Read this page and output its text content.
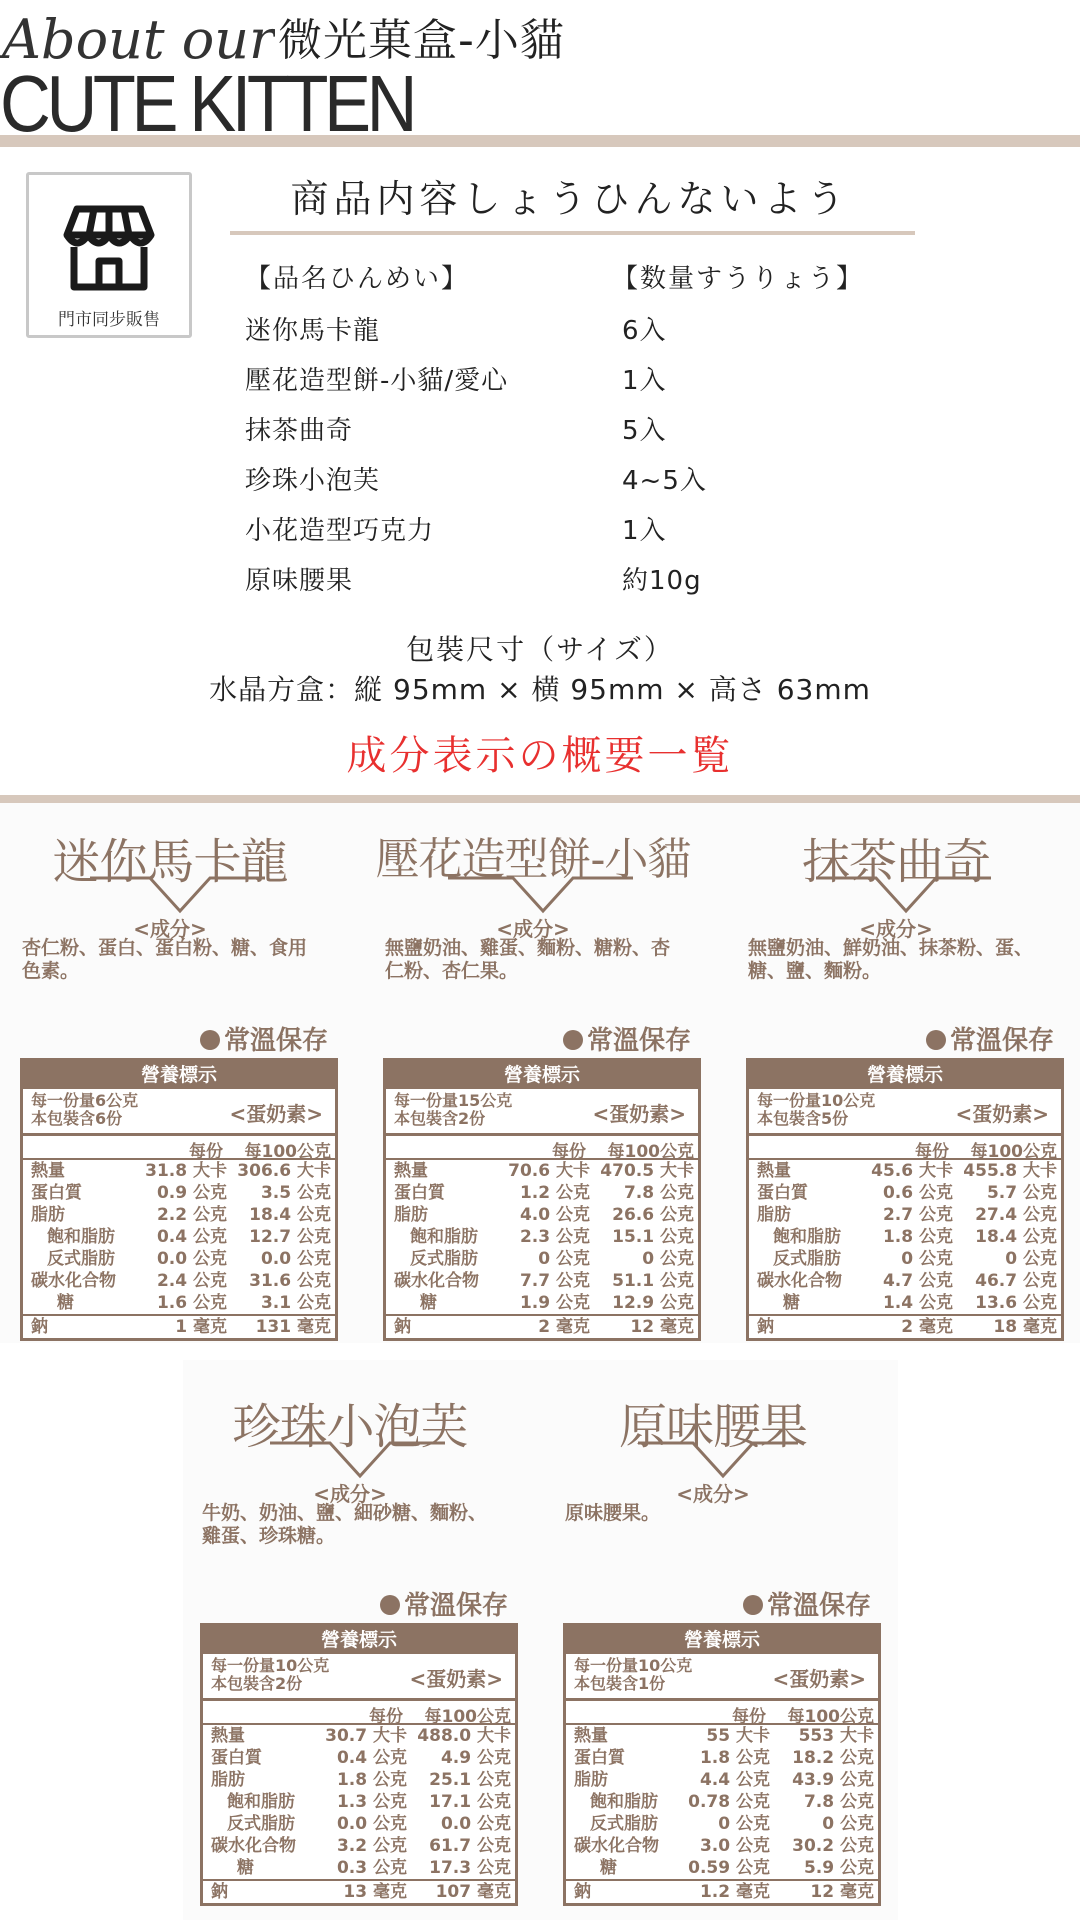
About our 微光菓盒-小貓
CUTE KITTEN
門市同步販售
商品内容しょうひんないよう
【品名ひんめい】	【数量すうりょう】
迷你馬卡龍	6入
壓花造型餅-小貓/愛心	1入
抹茶曲奇	5入
珍珠小泡芙	4~5入
小花造型巧克力	1入
原味腰果	約10g
包裝尺寸（サイズ）
水晶方盒：縦 95mm × 横 95mm × 高さ 63mm
成分表示の概要一覧
迷你馬卡龍
<成分>
杏仁粉、蛋白、蛋白粉、糖、食用色素。
常溫保存
營養標示
每一份量6公克
本包裝含6份	<蛋奶素>
每份 每100公克
熱量	31.8 大卡 306.6 大卡
蛋白質	0.9 公克 3.5 公克
脂肪	2.2 公克 18.4 公克
飽和脂肪 0.4 公克 12.7 公克
反式脂肪 0.0 公克 0.0 公克
碳水化合物 2.4 公克 31.6 公克
糖	1.6 公克 3.1 公克
鈉	1 毫克 131 毫克
壓花造型餅-小貓
<成分>
無鹽奶油、雞蛋、麵粉、糖粉、杏仁粉、杏仁果。
常溫保存
營養標示
每一份量15公克
本包裝含2份	<蛋奶素>
每份 每100公克
熱量	70.6 大卡 470.5 大卡
蛋白質	1.2 公克 7.8 公克
脂肪	4.0 公克 26.6 公克
飽和脂肪 2.3 公克 15.1 公克
反式脂肪	0 公克	0 公克
碳水化合物 7.7 公克 51.1 公克
糖	1.9 公克 12.9 公克
鈉	2 毫克 12 毫克
抹茶曲奇
<成分>
無鹽奶油、鮮奶油、抹茶粉、蛋、糖、鹽、麵粉。
常溫保存
營養標示
每一份量10公克
本包裝含5份	<蛋奶素>
每份 每100公克
熱量	45.6 大卡 455.8 大卡
蛋白質	0.6 公克 5.7 公克
脂肪	2.7 公克 27.4 公克
飽和脂肪 1.8 公克 18.4 公克
反式脂肪	0 公克	0 公克
碳水化合物 4.7 公克 46.7 公克
糖	1.4 公克 13.6 公克
鈉	2 毫克 18 毫克
珍珠小泡芙
<成分>
牛奶、奶油、鹽、細砂糖、麵粉、雞蛋、珍珠糖。
常溫保存
營養標示
每一份量10公克
本包裝含2份	<蛋奶素>
每份 每100公克
熱量	30.7 大卡 488.0 大卡
蛋白質	0.4 公克 4.9 公克
脂肪	1.8 公克 25.1 公克
飽和脂肪 1.3 公克 17.1 公克
反式脂肪 0.0 公克 0.0 公克
碳水化合物 3.2 公克 61.7 公克
糖	0.3 公克 17.3 公克
鈉	13 毫克 107 毫克
原味腰果
<成分>
原味腰果。
常溫保存
營養標示
每一份量10公克
本包裝含1份	<蛋奶素>
每份 每100公克
熱量	55 大卡 553 大卡
蛋白質	1.8 公克 18.2 公克
脂肪	4.4 公克 43.9 公克
飽和脂肪 0.78 公克 7.8 公克
反式脂肪	0 公克	0 公克
碳水化合物 3.0 公克 30.2 公克
糖	0.59 公克 5.9 公克
鈉	1.2 毫克 12 毫克
